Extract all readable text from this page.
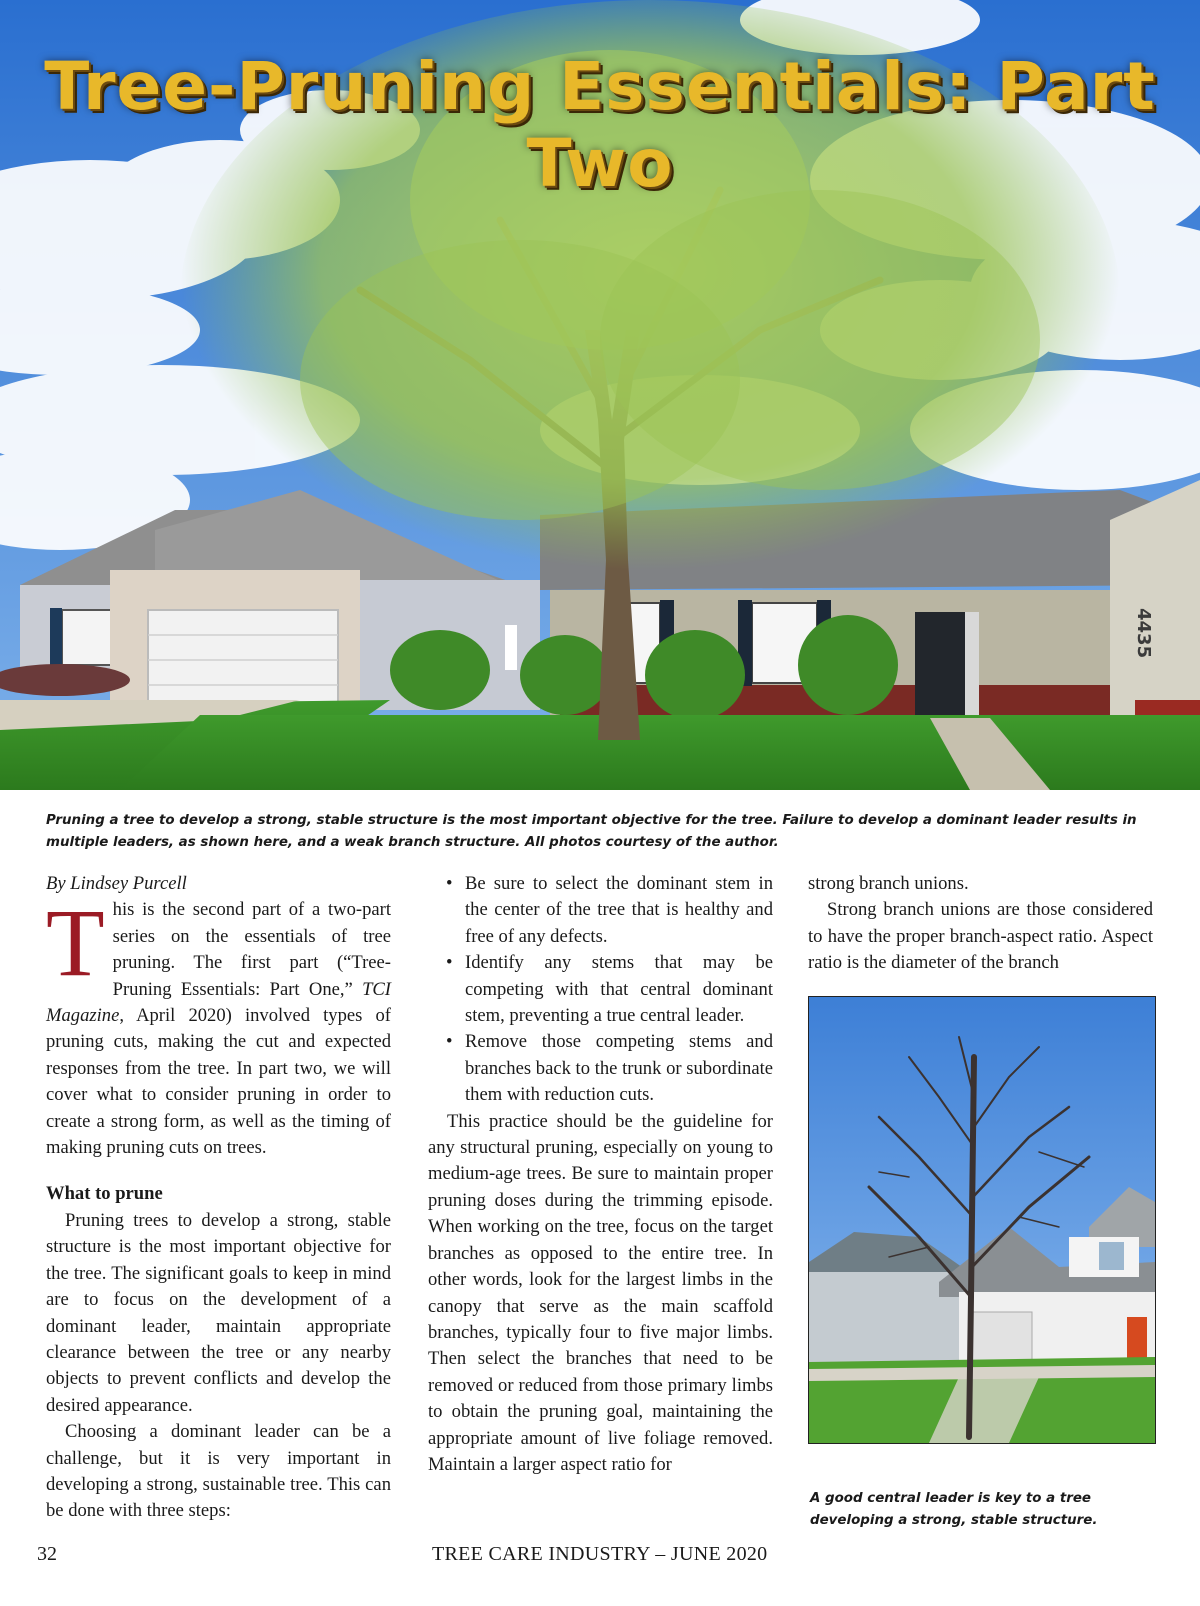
4435
Tree-Pruning Essentials: Part Two

Pruning a tree to develop a strong, stable structure is the most important objective for the tree. Failure to develop a dominant leader results in multiple leaders, as shown here, and a weak branch structure. All photos courtesy of the author.

By Lindsey Purcell

This is the second part of a two-part series on the essentials of tree pruning. The first part (“Tree-Pruning Essentials: Part One,” TCI Magazine, April 2020) involved types of pruning cuts, making the cut and expected responses from the tree. In part two, we will cover what to consider pruning in order to create a strong form, as well as the timing of making pruning cuts on trees.

What to prune

Pruning trees to develop a strong, stable structure is the most important objective for the tree. The significant goals to keep in mind are to focus on the development of a dominant leader, maintain appropriate clearance between the tree or any nearby objects to prevent conflicts and develop the desired appearance.

Choosing a dominant leader can be a challenge, but it is very important in developing a strong, sustainable tree. This can be done with three steps:

• Be sure to select the dominant stem in the center of the tree that is healthy and free of any defects.
• Identify any stems that may be competing with that central dominant stem, preventing a true central leader.
• Remove those competing stems and branches back to the trunk or subordinate them with reduction cuts.

This practice should be the guideline for any structural pruning, especially on young to medium-age trees. Be sure to maintain proper pruning doses during the trimming episode. When working on the tree, focus on the target branches as opposed to the entire tree. In other words, look for the largest limbs in the canopy that serve as the main scaffold branches, typically four to five major limbs. Then select the branches that need to be removed or reduced from those primary limbs to obtain the pruning goal, maintaining the appropriate amount of live foliage removed. Maintain a larger aspect ratio for

strong branch unions.

Strong branch unions are those considered to have the proper branch-aspect ratio. Aspect ratio is the diameter of the branch

A good central leader is key to a tree developing a strong, stable structure.

32	TREE CARE INDUSTRY – JUNE 2020
